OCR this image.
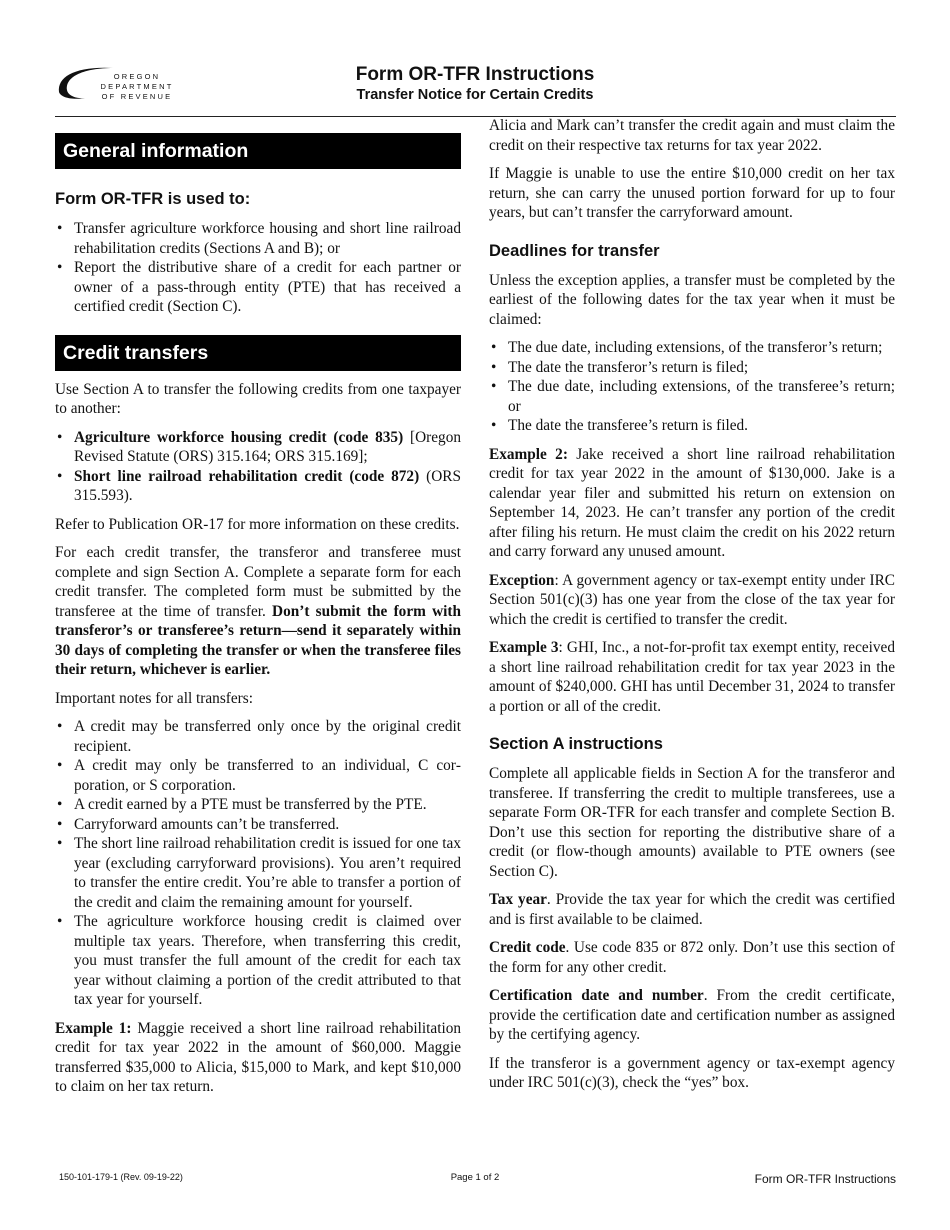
OREGON
DEPARTMENT
OF REVENUE
Form OR-TFR Instructions
Transfer Notice for Certain Credits
General information
Form OR-TFR is used to:
• Transfer agriculture workforce housing and short line railroad rehabilitation credits (Sections A and B); or
• Report the distributive share of a credit for each partner or owner of a pass-through entity (PTE) that has received a certified credit (Section C).
Credit transfers

Use Section A to transfer the following credits from one taxpayer to another:

• Agriculture workforce housing credit (code 835) [Oregon Revised Statute (ORS) 315.164; ORS 315.169];
• Short line railroad rehabilitation credit (code 872) (ORS 315.593).

Refer to Publication OR-17 for more information on these credits.

For each credit transfer, the transferor and transferee must complete and sign Section A. Complete a separate form for each credit transfer. The completed form must be submitted by the transferee at the time of transfer. Don’t submit the form with transferor’s or transferee’s return—send it separately within 30 days of completing the transfer or when the transferee files their return, whichever is earlier.

Important notes for all transfers:

• A credit may be transferred only once by the original credit recipient.
• A credit may only be transferred to an individual, C corporation, or S corporation.
• A credit earned by a PTE must be transferred by the PTE.
• Carryforward amounts can’t be transferred.
• The short line railroad rehabilitation credit is issued for one tax year (excluding carryforward provisions). You aren’t required to transfer the entire credit. You’re able to transfer a portion of the credit and claim the remaining amount for yourself.
• The agriculture workforce housing credit is claimed over multiple tax years. Therefore, when transferring this credit, you must transfer the full amount of the credit for each tax year without claiming a portion of the credit attributed to that tax year for yourself.

Example 1: Maggie received a short line railroad rehabilitation credit for tax year 2022 in the amount of $60,000. Maggie transferred $35,000 to Alicia, $15,000 to Mark, and kept $10,000 to claim on her tax return.

Alicia and Mark can’t transfer the credit again and must claim the credit on their respective tax returns for tax year 2022.

If Maggie is unable to use the entire $10,000 credit on her tax return, she can carry the unused portion forward for up to four years, but can’t transfer the carryforward amount.

Deadlines for transfer

Unless the exception applies, a transfer must be completed by the earliest of the following dates for the tax year when it must be claimed:

• The due date, including extensions, of the transferor’s return;
• The date the transferor’s return is filed;
• The due date, including extensions, of the transferee’s return; or
• The date the transferee’s return is filed.

Example 2: Jake received a short line railroad rehabilitation credit for tax year 2022 in the amount of $130,000. Jake is a calendar year filer and submitted his return on extension on September 14, 2023. He can’t transfer any portion of the credit after filing his return. He must claim the credit on his 2022 return and carry forward any unused amount.

Exception: A government agency or tax-exempt entity under IRC Section 501(c)(3) has one year from the close of the tax year for which the credit is certified to transfer the credit.

Example 3: GHI, Inc., a not-for-profit tax exempt entity, received a short line railroad rehabilitation credit for tax year 2023 in the amount of $240,000. GHI has until December 31, 2024 to transfer a portion or all of the credit.

Section A instructions

Complete all applicable fields in Section A for the transferor and transferee. If transferring the credit to multiple transferees, use a separate Form OR-TFR for each transfer and complete Section B. Don’t use this section for reporting the distributive share of a credit (or flow-though amounts) available to PTE owners (see Section C).

Tax year. Provide the tax year for which the credit was certified and is first available to be claimed.

Credit code. Use code 835 or 872 only. Don’t use this section of the form for any other credit.

Certification date and number. From the credit certificate, provide the certification date and certification number as assigned by the certifying agency.

If the transferor is a government agency or tax-exempt agency under IRC 501(c)(3), check the “yes” box.

150-101-179-1 (Rev. 09-19-22)	Page 1 of 2	Form OR-TFR Instructions
